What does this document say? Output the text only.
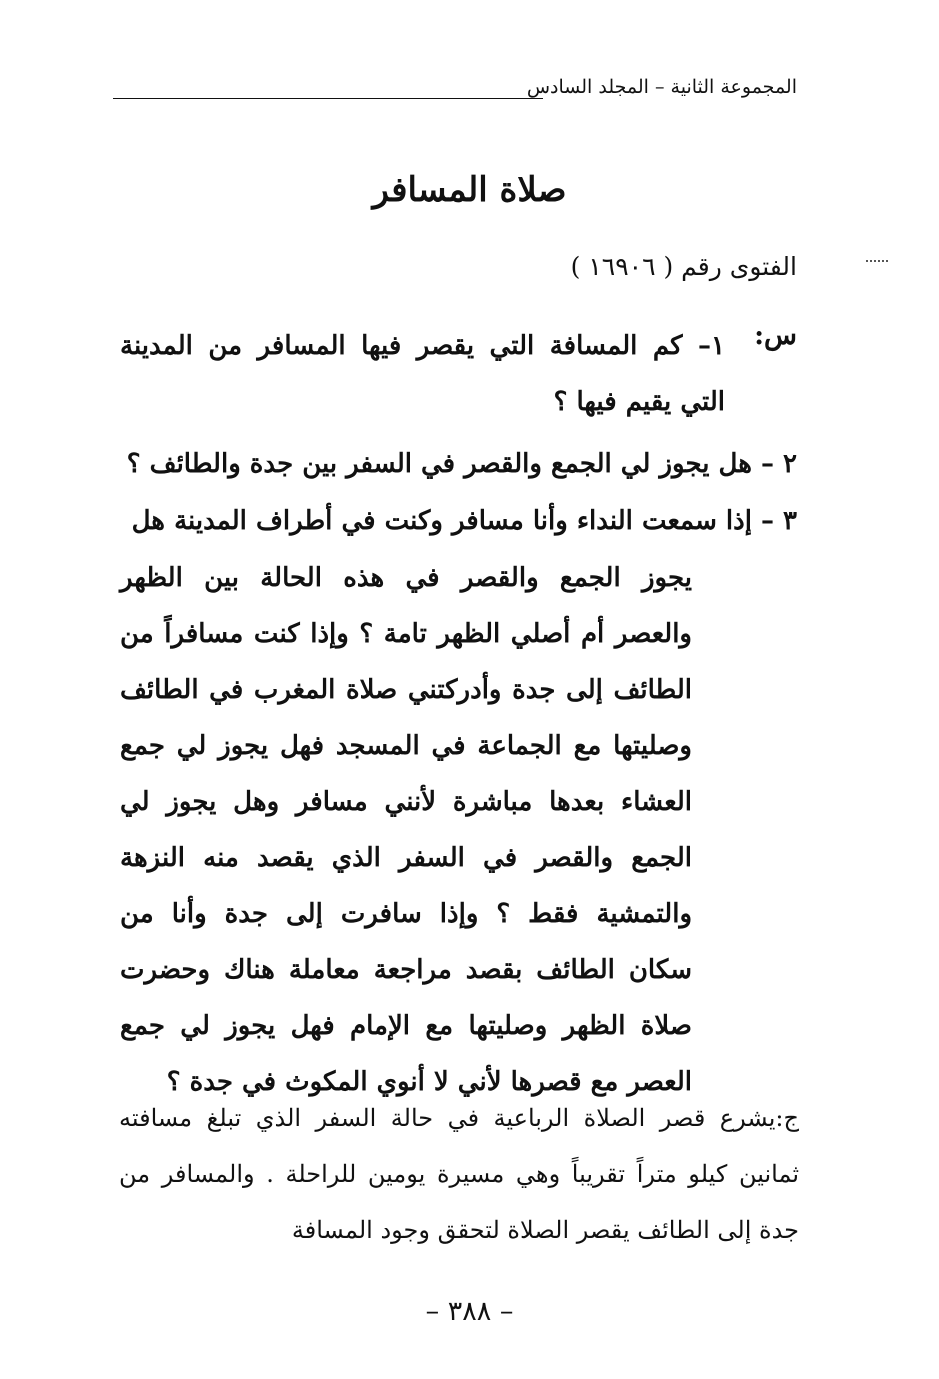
المجموعة الثانية – المجلد السادس
صلاة المسافر
الفتوى رقم ( ١٦٩٠٦ )
س:
١– كم المسافة التي يقصر فيها المسافر من المدينة التي يقيم فيها ؟
٢ – هل يجوز لي الجمع والقصر في السفر بين جدة والطائف ؟
٣ – إذا سمعت النداء وأنا مسافر وكنت في أطراف المدينة هل
يجوز الجمع والقصر في هذه الحالة بين الظهر والعصر أم أصلي الظهر تامة ؟ وإذا كنت مسافراً من الطائف إلى جدة وأدركتني صلاة المغرب في الطائف وصليتها مع الجماعة في المسجد فهل يجوز لي جمع العشاء بعدها مباشرة لأنني مسافر وهل يجوز لي الجمع والقصر في السفر الذي يقصد منه النزهة والتمشية فقط ؟ وإذا سافرت إلى جدة وأنا من سكان الطائف بقصد مراجعة معاملة هناك وحضرت صلاة الظهر وصليتها مع الإمام فهل يجوز لي جمع العصر مع قصرها لأني لا أنوي المكوث في جدة ؟
ج:يشرع قصر الصلاة الرباعية في حالة السفر الذي تبلغ مسافته ثمانين كيلو متراً تقريباً وهي مسيرة يومين للراحلة . والمسافر من جدة إلى الطائف يقصر الصلاة لتحقق وجود المسافة
– ٣٨٨ –
